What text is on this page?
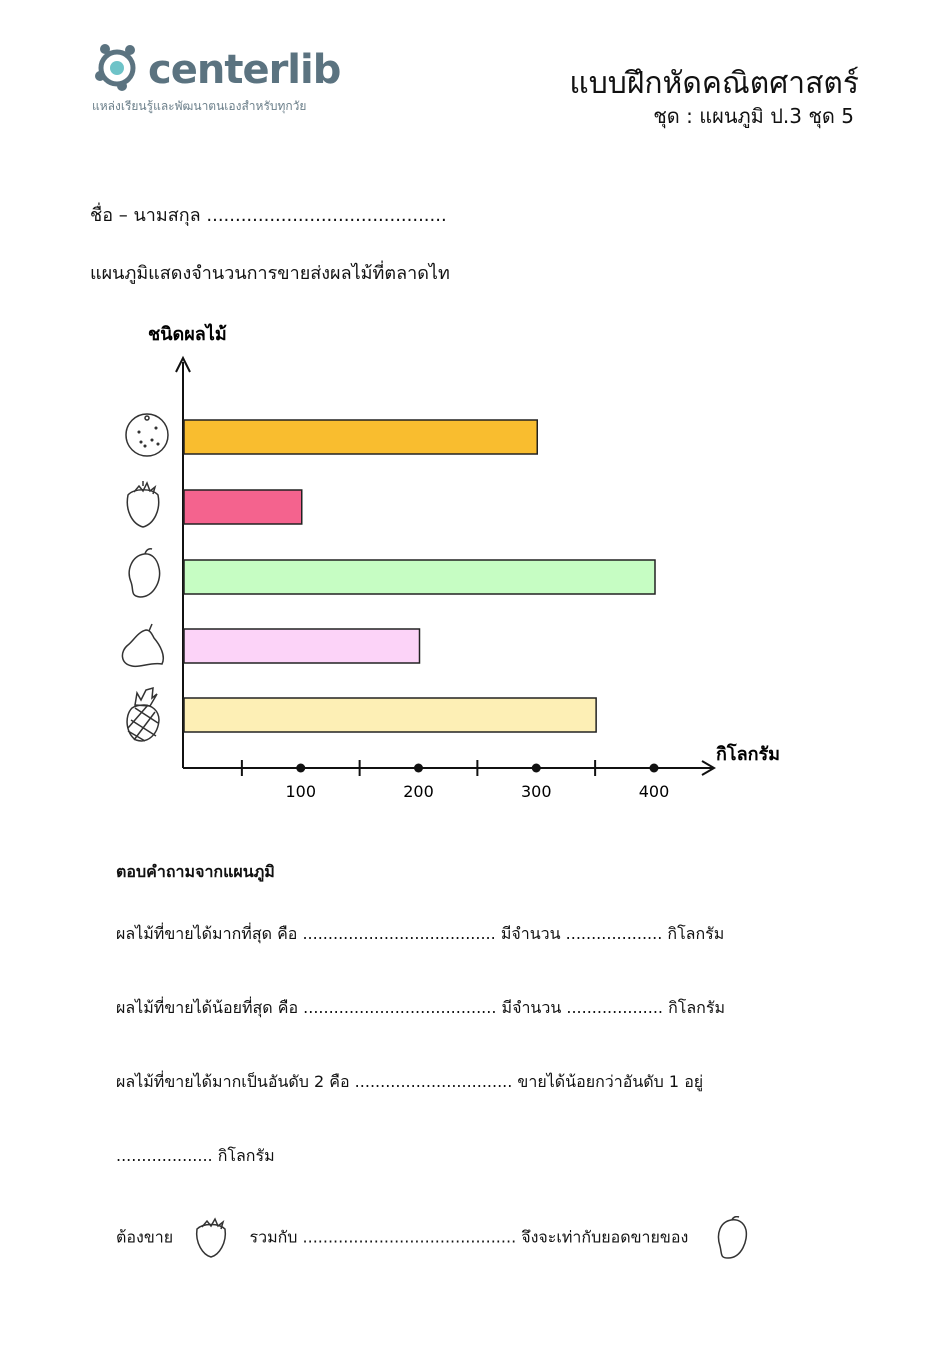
centerlib
แหล่งเรียนรู้และพัฒนาตนเองสำหรับทุกวัย
แบบฝึกหัดคณิตศาสตร์
ชุด : แผนภูมิ ป.3 ชุด 5
ชื่อ – นามสกุล ..........................................
แผนภูมิแสดงจำนวนการขายส่งผลไม้ที่ตลาดไท
ชนิดผลไม้
กิโลกรัม
100	200	300	400
ตอบคำถามจากแผนภูมิ
ผลไม้ที่ขายได้มากที่สุด คือ ...................................... มีจำนวน ................... กิโลกรัม
ผลไม้ที่ขายได้น้อยที่สุด คือ ...................................... มีจำนวน ................... กิโลกรัม
ผลไม้ที่ขายได้มากเป็นอันดับ 2 คือ ............................... ขายได้น้อยกว่าอันดับ 1 อยู่
................... กิโลกรัม
ต้องขาย	รวมกับ .......................................... จึงจะเท่ากับยอดขายของ
